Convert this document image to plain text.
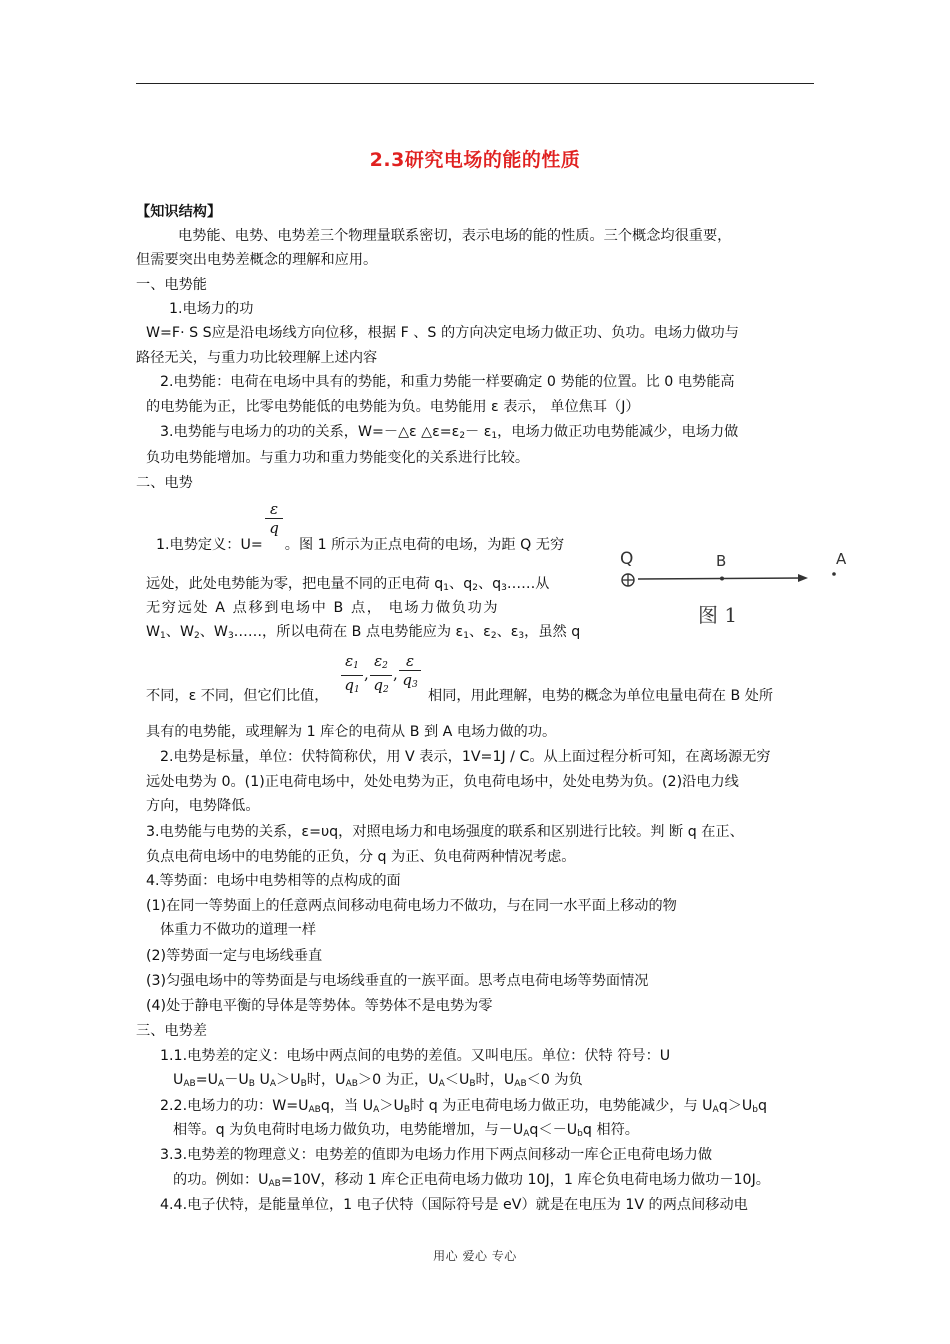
2.3研究电场的能的性质
【知识结构】
电势能、电势、电势差三个物理量联系密切，表示电场的能的性质。三个概念均很重要，
但需要突出电势差概念的理解和应用。
一、电势能
1.电场力的功
W=F· S S应是沿电场线方向位移，根据 F 、S 的方向决定电场力做正功、负功。电场力做功与
路径无关，与重力功比较理解上述内容
2.电势能：电荷在电场中具有的势能，和重力势能一样要确定 0 势能的位置。比 0 电势能高
的电势能为正，比零电势能低的电势能为负。电势能用 ε 表示， 单位焦耳（J）
3.电势能与电场力的功的关系，W=－△ε $\triangle\varepsilon=\varepsilon_2- \varepsilon_1$，电场力做正功电势能减少，电场力做
负功电势能增加。与重力功和重力势能变化的关系进行比较。
二、电势
ε
q
1.电势定义：U= 。图 1 所示为正点电荷的电场，为距 Q 无穷
远处，此处电势能为零，把电量不同的正电荷 $q_1$、$q_2$、$q_3\dots\dots$从
无穷远处 A 点移到电场中 B 点， 电场力做负功为
$W_1$、$W_2$、$W_3\dots\dots$，所以电荷在 B 点电势能应为 $\varepsilon_1$、$\varepsilon_2$、$\varepsilon_3$，虽然 q
$\varepsilon_1$
$q_1$
,
$\varepsilon_2$
$q_2$
,
ε
$q_3$
不同，ε 不同，但它们比值，	相同，用此理解，电势的概念为单位电量电荷在 B 处所
具有的电势能，或理解为 1 库仑的电荷从 B 到 A 电场力做的功。
2.电势是标量，单位：伏特简称伏，用 V 表示，1V=1J / C。从上面过程分析可知，在离场源无穷
远处电势为 0。(1)正电荷电场中，处处电势为正，负电荷电场中，处处电势为负。(2)沿电力线
方向，电势降低。
3.电势能与电势的关系，ε=υq，对照电场力和电场强度的联系和区别进行比较。判 断 q 在正、
负点电荷电场中的电势能的正负，分 q 为正、负电荷两种情况考虑。
4.等势面：电场中电势相等的点构成的面
(1)在同一等势面上的任意两点间移动电荷电场力不做功，与在同一水平面上移动的物
体重力不做功的道理一样
(2)等势面一定与电场线垂直
(3)匀强电场中的等势面是与电场线垂直的一族平面。思考点电荷电场等势面情况
(4)处于静电平衡的导体是等势体。等势体不是电势为零
三、电势差
1.1.电势差的定义：电场中两点间的电势的差值。又叫电压。单位：伏特 符号：U
$U_{AB}=U_A-U_B$ $U_A>U_B$时，$U_{AB}>0$ 为正，$U_A<U_B$时，$U_{AB}<0$ 为负
2.2.电场力的功：$W=U_{AB}q$，当 $U_A>U_B$时 q 为正电荷电场力做正功，电势能减少，与 $U_Aq>U_bq$
相等。q 为负电荷时电场力做负功，电势能增加，与$-U_Aq<-U_bq$ 相符。
3.3.电势差的物理意义：电势差的值即为电场力作用下两点间移动一库仑正电荷电场力做
的功。例如：$U_{AB}=10V$，移动 1 库仑正电荷电场力做功 10J，1 库仑负电荷电场力做功－10J。
4.4.电子伏特，是能量单位，1 电子伏特（国际符号是 eV）就是在电压为 1V 的两点间移动电
Q	B	A
图 1
用心 爱心 专心
